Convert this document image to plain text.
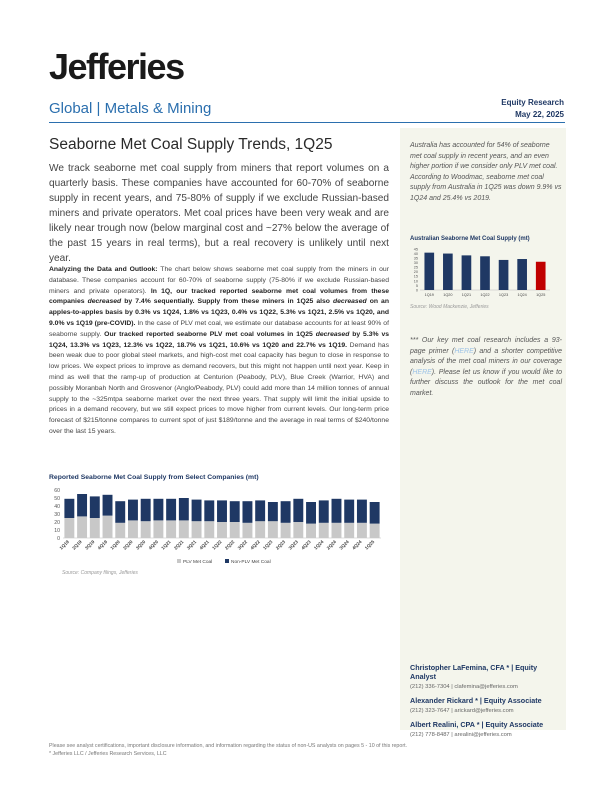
Jefferies
Global | Metals & Mining	Equity Research
May 22, 2025
Seaborne Met Coal Supply Trends, 1Q25
We track seaborne met coal supply from miners that report volumes on a quarterly basis. These companies have accounted for 60-70% of seaborne supply in recent years, and 75-80% of supply if we exclude Russian-based miners and private operators. Met coal prices have been very weak and are likely near trough now (below marginal cost and ~27% below the average of the past 15 years in real terms), but a real recovery is unlikely until next year.
Analyzing the Data and Outlook: The chart below shows seaborne met coal supply from the miners in our database. These companies account for 60-70% of seaborne supply (75-80% if we exclude Russian-based miners and private operators). In 1Q, our tracked reported seaborne met coal volumes from these companies decreased by 7.4% sequentially. Supply from these miners in 1Q25 also decreased on an apples-to-apples basis by 0.3% vs 1Q24, 1.8% vs 1Q23, 0.4% vs 1Q22, 5.3% vs 1Q21, 2.5% vs 1Q20, and 9.0% vs 1Q19 (pre-COVID). In the case of PLV met coal, we estimate our database accounts for at least 90% of seaborne supply. Our tracked reported seaborne PLV met coal volumes in 1Q25 decreased by 5.3% vs 1Q24, 13.3% vs 1Q23, 12.3% vs 1Q22, 18.7% vs 1Q21, 10.6% vs 1Q20 and 22.7% vs 1Q19. Demand has been weak due to poor global steel markets, and high-cost met coal capacity has begun to close in response to low prices. We expect prices to improve as demand recovers, but this might not happen until next year. Keep in mind as well that the ramp-up of production at Centurion (Peabody, PLV), Blue Creek (Warrior, HVA) and possibly Moranbah North and Grosvenor (Anglo/Peabody, PLV) could add more than 14 million tonnes of annual supply to the ~325mtpa seaborne market over the next three years. That supply will limit the initial upside to prices in a demand recovery, but we still expect prices to move higher from current levels. Our long-term price forecast of $215/tonne compares to current spot of just $189/tonne and the average in real terms of $240/tonne over the last 15 years.
Reported Seaborne Met Coal Supply from Select Companies (mt)
0
10
20
30
40
50
60
1Q19 2Q19 3Q19 4Q19 1Q20 2Q20 3Q20 4Q20 1Q21 2Q21 3Q21 4Q21 1Q22 2Q22 3Q22 4Q22 1Q23 2Q23 3Q23 4Q23 1Q24 2Q24 3Q24 4Q24 1Q25
PLV Met Coal	Non-PLV Met Coal
Source: Company filings, Jefferies
Australia has accounted for 54% of seaborne met coal supply in recent years, and an even higher portion if we consider only PLV met coal. According to Woodmac, seaborne met coal supply from Australia in 1Q25 was down 9.9% vs 1Q24 and 25.4% vs 2019.
Australian Seaborne Met Coal Supply (mt)
0
5
10
15
20
25
30
35
40
45
1Q19 1Q20 1Q21 1Q22 1Q23 1Q24 1Q25
Source: Wood Mackenzie, Jefferies
*** Our key met coal research includes a 93-page primer (HERE) and a shorter competitive analysis of the met coal miners in our coverage (HERE). Please let us know if you would like to further discuss the outlook for the met coal market.
Christopher LaFemina, CFA * | Equity Analyst
(212) 336-7304 | clafemina@jefferies.com
Alexander Rickard * | Equity Associate
(212) 323-7647 | arickard@jefferies.com
Albert Realini, CPA * | Equity Associate
(212) 778-8487 | arealini@jefferies.com
Please see analyst certifications, important disclosure information, and information regarding the status of non-US analysts on pages 5 - 10 of this report.
* Jefferies LLC / Jefferies Research Services, LLC
